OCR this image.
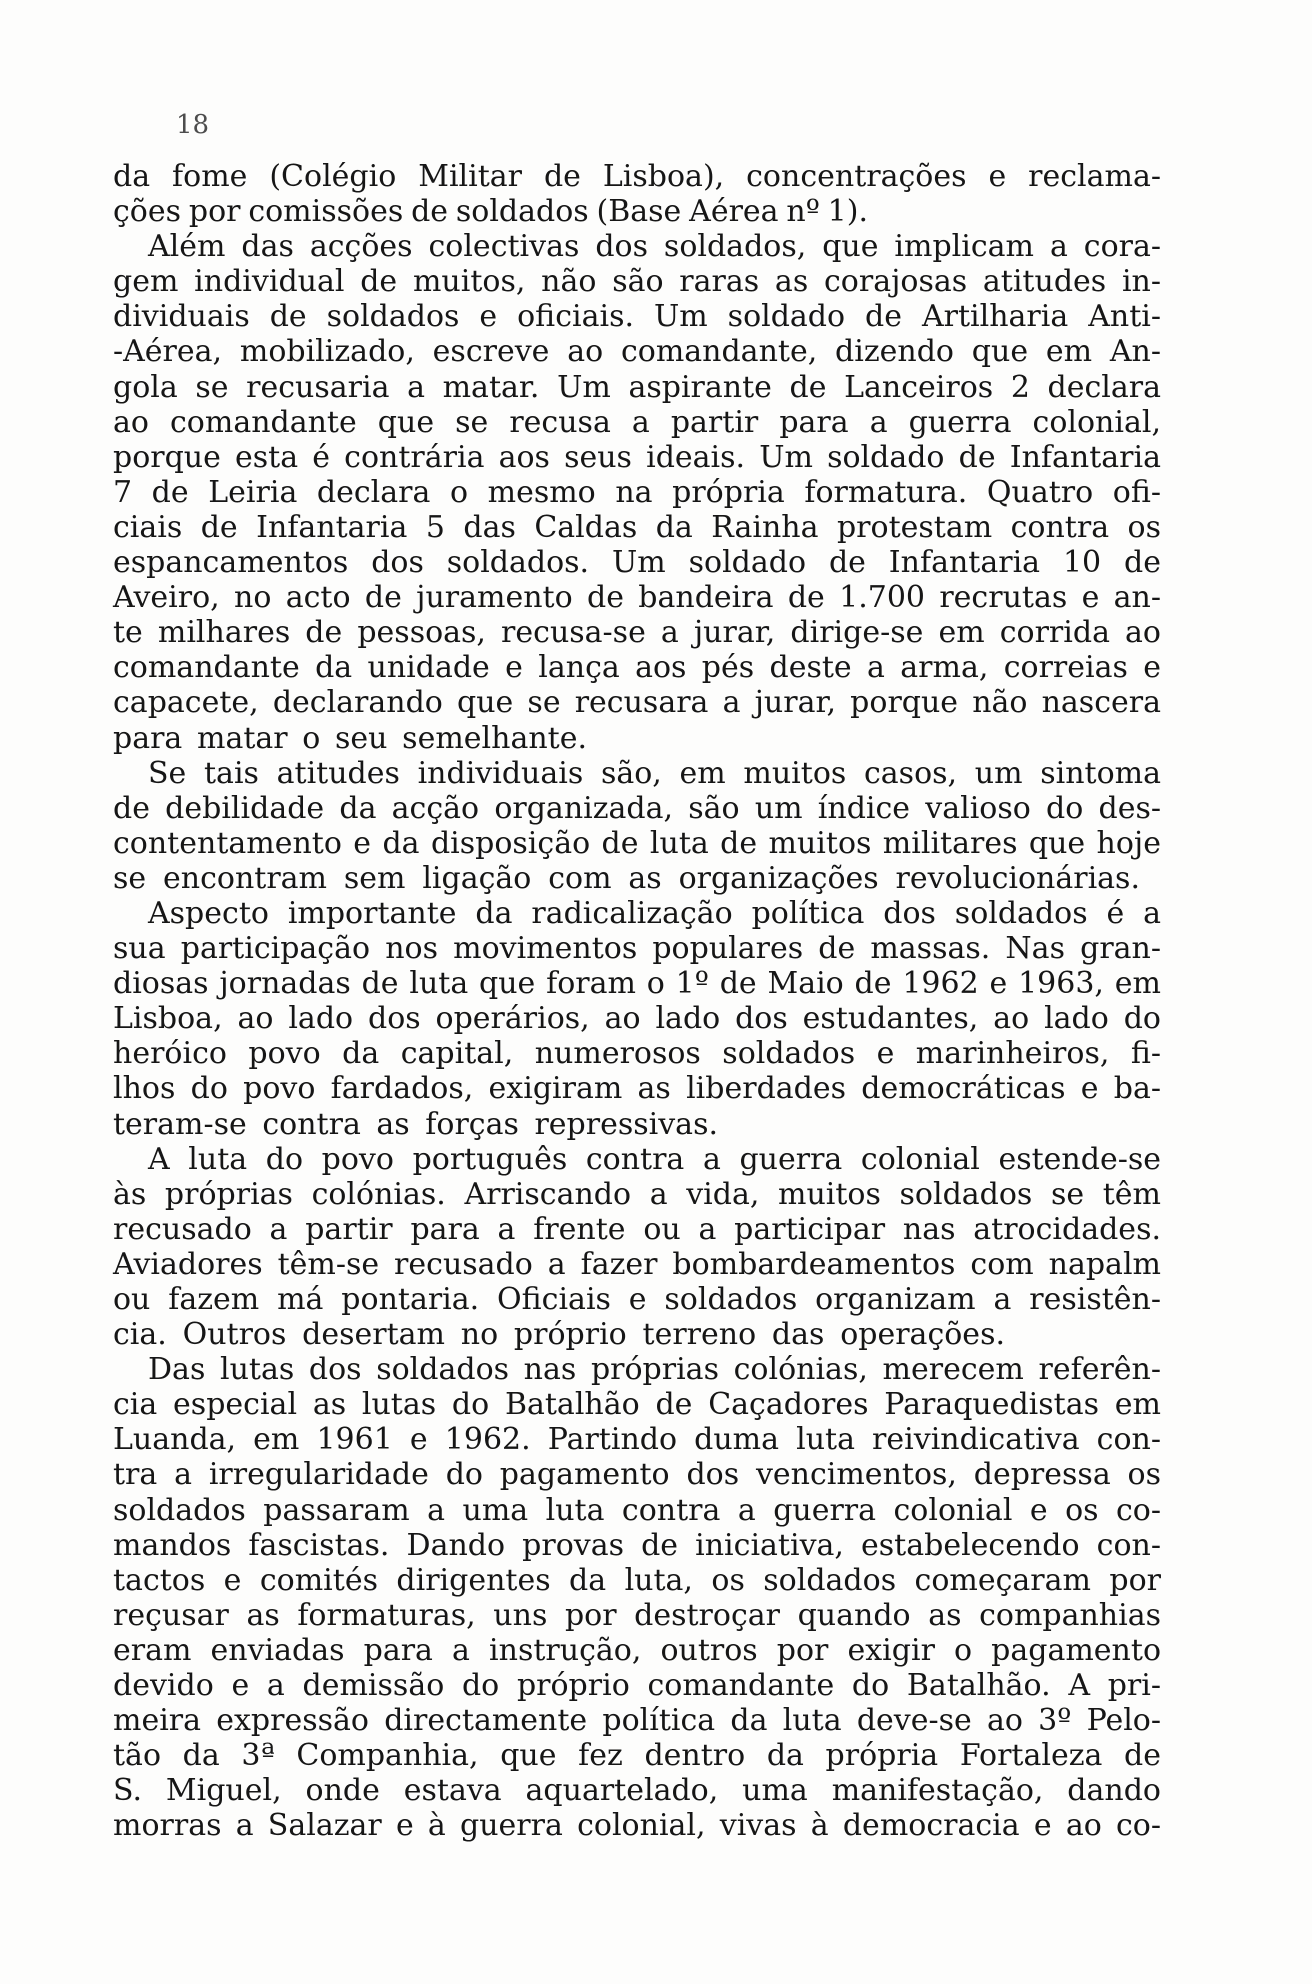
18
da fome (Colégio Militar de Lisboa), concentrações e reclama-
ções por comissões de soldados (Base Aérea nº 1).
Além das acções colectivas dos soldados, que implicam a cora-
gem individual de muitos, não são raras as corajosas atitudes in-
dividuais de soldados e oficiais. Um soldado de Artilharia Anti-
-Aérea, mobilizado, escreve ao comandante, dizendo que em An-
gola se recusaria a matar. Um aspirante de Lanceiros 2 declara
ao comandante que se recusa a partir para a guerra colonial,
porque esta é contrária aos seus ideais. Um soldado de Infantaria
7 de Leiria declara o mesmo na própria formatura. Quatro ofi-
ciais de Infantaria 5 das Caldas da Rainha protestam contra os
espancamentos dos soldados. Um soldado de Infantaria 10 de
Aveiro, no acto de juramento de bandeira de 1.700 recrutas e an-
te milhares de pessoas, recusa-se a jurar, dirige-se em corrida ao
comandante da unidade e lança aos pés deste a arma, correias e
capacete, declarando que se recusara a jurar, porque não nascera
para matar o seu semelhante.
Se tais atitudes individuais são, em muitos casos, um sintoma
de debilidade da acção organizada, são um índice valioso do des-
contentamento e da disposição de luta de muitos militares que hoje
se encontram sem ligação com as organizações revolucionárias.
Aspecto importante da radicalização política dos soldados é a
sua participação nos movimentos populares de massas. Nas gran-
diosas jornadas de luta que foram o 1º de Maio de 1962 e 1963, em
Lisboa, ao lado dos operários, ao lado dos estudantes, ao lado do
heróico povo da capital, numerosos soldados e marinheiros, fi-
lhos do povo fardados, exigiram as liberdades democráticas e ba-
teram-se contra as forças repressivas.
A luta do povo português contra a guerra colonial estende-se
às próprias colónias. Arriscando a vida, muitos soldados se têm
recusado a partir para a frente ou a participar nas atrocidades.
Aviadores têm-se recusado a fazer bombardeamentos com napalm
ou fazem má pontaria. Oficiais e soldados organizam a resistên-
cia. Outros desertam no próprio terreno das operações.
Das lutas dos soldados nas próprias colónias, merecem referên-
cia especial as lutas do Batalhão de Caçadores Paraquedistas em
Luanda, em 1961 e 1962. Partindo duma luta reivindicativa con-
tra a irregularidade do pagamento dos vencimentos, depressa os
soldados passaram a uma luta contra a guerra colonial e os co-
mandos fascistas. Dando provas de iniciativa, estabelecendo con-
tactos e comités dirigentes da luta, os soldados começaram por
reçusar as formaturas, uns por destroçar quando as companhias
eram enviadas para a instrução, outros por exigir o pagamento
devido e a demissão do próprio comandante do Batalhão. A pri-
meira expressão directamente política da luta deve-se ao 3º Pelo-
tão da 3ª Companhia, que fez dentro da própria Fortaleza de
S. Miguel, onde estava aquartelado, uma manifestação, dando
morras a Salazar e à guerra colonial, vivas à democracia e ao co-
